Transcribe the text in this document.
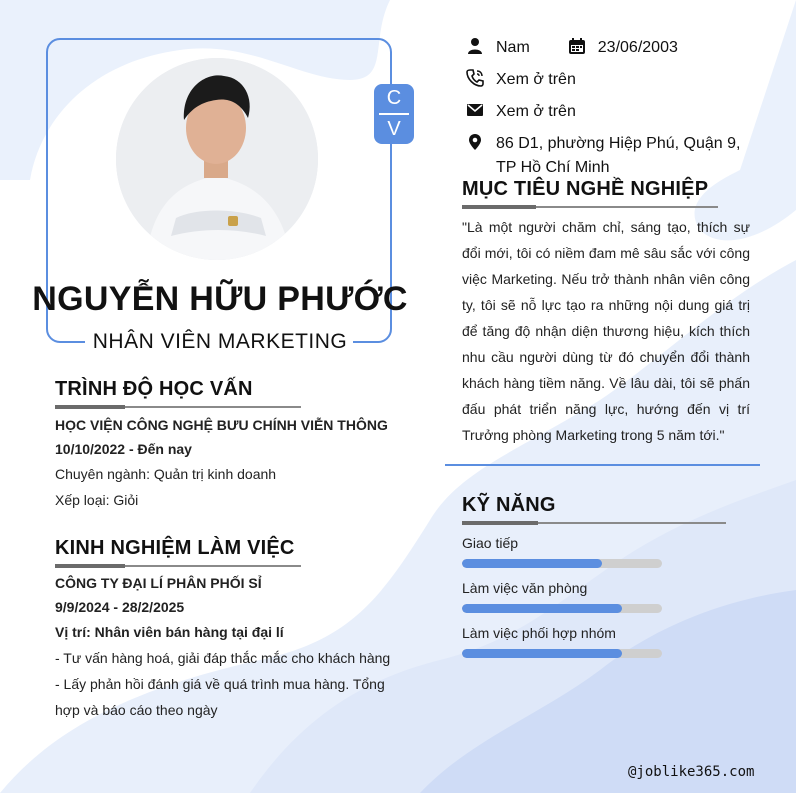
C
V
NGUYỄN HỮU PHƯỚC
NHÂN VIÊN MARKETING
Nam	23/06/2003
Xem ở trên
Xem ở trên
86 D1, phường Hiệp Phú, Quận 9,
TP Hồ Chí Minh
MỤC TIÊU NGHỀ NGHIỆP
"Là một người chăm chỉ, sáng tạo, thích sự đổi mới, tôi có niềm đam mê sâu sắc với công việc Marketing. Nếu trở thành nhân viên công ty, tôi sẽ nỗ lực tạo ra những nội dung giá trị để tăng độ nhận diện thương hiệu, kích thích nhu cầu người dùng từ đó chuyển đổi thành khách hàng tiềm năng. Về lâu dài, tôi sẽ phấn đấu phát triển năng lực, hướng đến vị trí Trưởng phòng Marketing trong 5 năm tới."
TRÌNH ĐỘ HỌC VẤN
HỌC VIỆN CÔNG NGHỆ BƯU CHÍNH VIỄN THÔNG
10/10/2022 - Đến nay
Chuyên ngành: Quản trị kinh doanh
Xếp loại: Giỏi
KINH NGHIỆM LÀM VIỆC
CÔNG TY ĐẠI LÍ PHÂN PHỐI SỈ
9/9/2024 - 28/2/2025
Vị trí: Nhân viên bán hàng tại đại lí
- Tư vấn hàng hoá, giải đáp thắc mắc cho khách hàng
- Lấy phản hồi đánh giá về quá trình mua hàng. Tổng
hợp và báo cáo theo ngày
KỸ NĂNG
Giao tiếp
Làm việc văn phòng
Làm việc phối hợp nhóm
@joblike365.com
